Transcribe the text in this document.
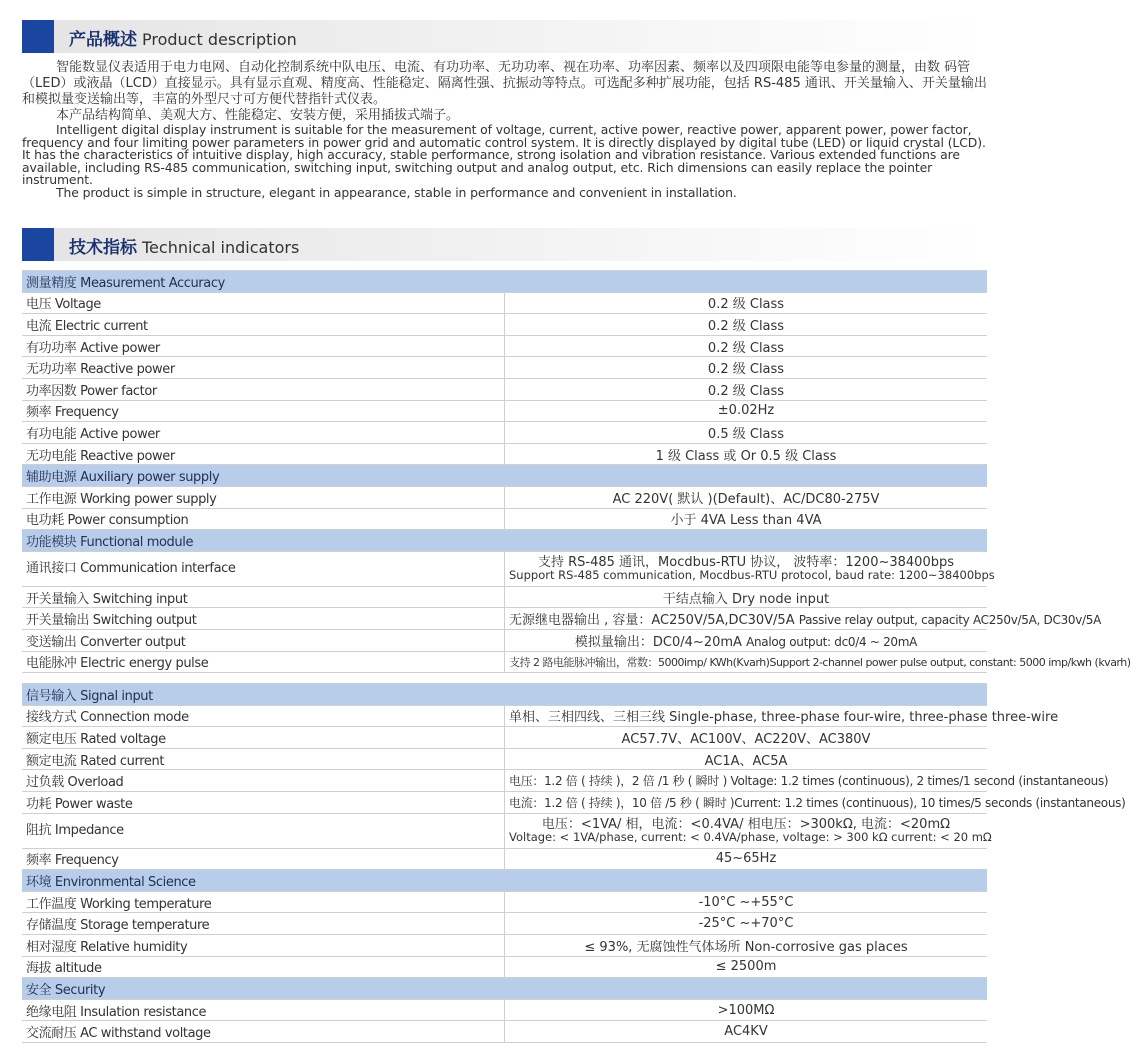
产品概述 Product description

智能数显仪表适用于电力电网、自动化控制系统中队电压、电流、有功功率、无功功率、视在功率、功率因素、频率以及四项限电能等电参量的测量，由数 码管（LED）或液晶（LCD）直接显示。具有显示直观、精度高、性能稳定、隔离性强、抗振动等特点。可选配多种扩展功能，包括 RS-485 通讯、开关量输入、开关量输出和模拟量变送输出等，丰富的外型尺寸可方便代替指针式仪表。

本产品结构简单、美观大方、性能稳定、安装方便，采用插拔式端子。

Intelligent digital display instrument is suitable for the measurement of voltage, current, active power, reactive power, apparent power, power factor, frequency and four limiting power parameters in power grid and automatic control system. It is directly displayed by digital tube (LED) or liquid crystal (LCD). It has the characteristics of intuitive display, high accuracy, stable performance, strong isolation and vibration resistance. Various extended functions are available, including RS-485 communication, switching input, switching output and analog output, etc. Rich dimensions can easily replace the pointer instrument.

The product is simple in structure, elegant in appearance, stable in performance and convenient in installation.

技术指标 Technical indicators
测量精度 Measurement Accuracy	
电压 Voltage	0.2 级 Class
电流 Electric current	0.2 级 Class
有功功率 Active power	0.2 级 Class
无功功率 Reactive power	0.2 级 Class
功率因数 Power factor	0.2 级 Class
频率 Frequency	±0.02Hz
有功电能 Active power	0.5 级 Class
无功电能 Reactive power	1 级 Class 或 Or 0.5 级 Class
辅助电源 Auxiliary power supply	
工作电源 Working power supply	AC 220V( 默认 )(Default)、AC/DC80-275V
电功耗 Power consumption	小于 4VA Less than 4VA
功能模块 Functional module	
通讯接口 Communication interface	支持 RS-485 通讯，Mocdbus-RTU 协议， 波特率：1200~38400bps
Support RS-485 communication, Mocdbus-RTU protocol, baud rate: 1200~38400bps

开关量输入 Switching input	干结点输入 Dry node input
开关量输出 Switching output	无源继电器输出 , 容量：AC250V/5A,DC30V/5A Passive relay output, capacity AC250v/5A, DC30v/5A
变送输出 Converter output	模拟量输出：DC0/4~20mA Analog output: dc0/4 ~ 20mA
电能脉冲 Electric energy pulse	支持 2 路电能脉冲输出，常数：5000imp/ KWh(Kvarh)Support 2-channel power pulse output, constant: 5000 imp/kwh (kvarh)

信号输入 Signal input	
接线方式 Connection mode	单相、三相四线、三相三线 Single-phase, three-phase four-wire, three-phase three-wire
额定电压 Rated voltage	AC57.7V、AC100V、AC220V、AC380V
额定电流 Rated current	AC1A、AC5A
过负载 Overload	电压：1.2 倍 ( 持续 )，2 倍 /1 秒 ( 瞬时 ) Voltage: 1.2 times (continuous), 2 times/1 second (instantaneous)
功耗 Power waste	电流：1.2 倍 ( 持续 )，10 倍 /5 秒 ( 瞬时 )Current: 1.2 times (continuous), 10 times/5 seconds (instantaneous)
阻抗 Impedance	电压：<1VA/ 相，电流：<0.4VA/ 相电压：>300kΩ, 电流：<20mΩ
Voltage: < 1VA/phase, current: < 0.4VA/phase, voltage: > 300 kΩ current: < 20 mΩ

频率 Frequency	45~65Hz
环境 Environmental Science	
工作温度 Working temperature	-10°C ~+55°C
存储温度 Storage temperature	-25°C ~+70°C
相对湿度 Relative humidity	≤ 93%, 无腐蚀性气体场所 Non-corrosive gas places
海拔 altitude	≤ 2500m
安全 Security	
绝缘电阻 Insulation resistance	>100MΩ
交流耐压 AC withstand voltage	AC4KV
